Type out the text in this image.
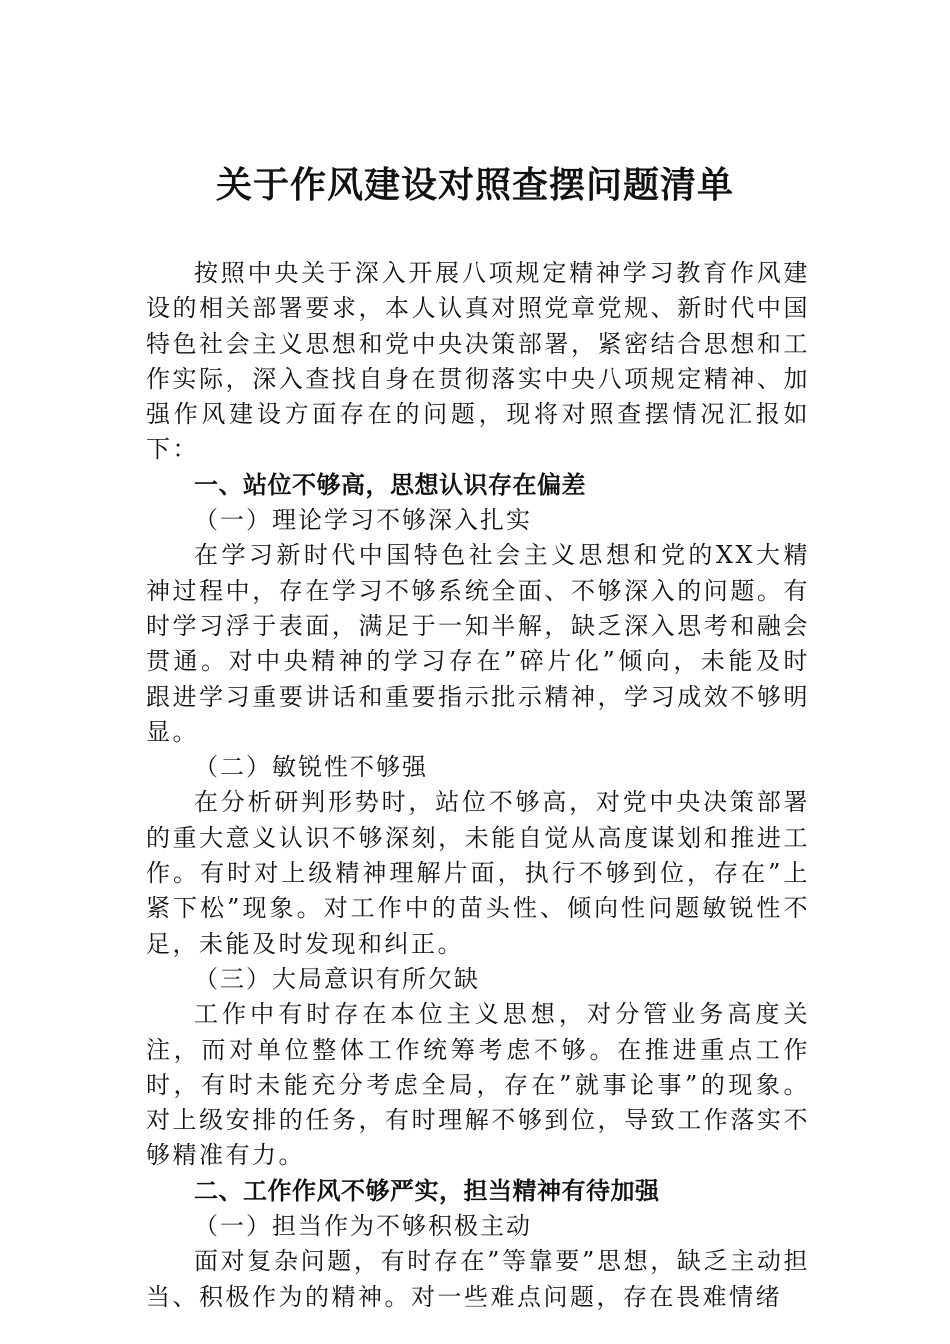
关于作风建设对照查摆问题清单

按照中央关于深入开展八项规定精神学习教育作风建设的相关部署要求，本人认真对照党章党规、新时代中国特色社会主义思想和党中央决策部署，紧密结合思想和工作实际，深入查找自身在贯彻落实中央八项规定精神、加强作风建设方面存在的问题，现将对照查摆情况汇报如下：

一、站位不够高，思想认识存在偏差

（一）理论学习不够深入扎实

在学习新时代中国特色社会主义思想和党的XX大精神过程中，存在学习不够系统全面、不够深入的问题。有时学习浮于表面，满足于一知半解，缺乏深入思考和融会贯通。对中央精神的学习存在”碎片化”倾向，未能及时跟进学习重要讲话和重要指示批示精神，学习成效不够明显。

（二）敏锐性不够强

在分析研判形势时，站位不够高，对党中央决策部署的重大意义认识不够深刻，未能自觉从高度谋划和推进工作。有时对上级精神理解片面，执行不够到位，存在”上紧下松”现象。对工作中的苗头性、倾向性问题敏锐性不足，未能及时发现和纠正。

（三）大局意识有所欠缺

工作中有时存在本位主义思想，对分管业务高度关注，而对单位整体工作统筹考虑不够。在推进重点工作时，有时未能充分考虑全局，存在”就事论事”的现象。对上级安排的任务，有时理解不够到位，导致工作落实不够精准有力。

二、工作作风不够严实，担当精神有待加强

（一）担当作为不够积极主动

面对复杂问题，有时存在”等靠要”思想，缺乏主动担当、积极作为的精神。对一些难点问题，存在畏难情绪
